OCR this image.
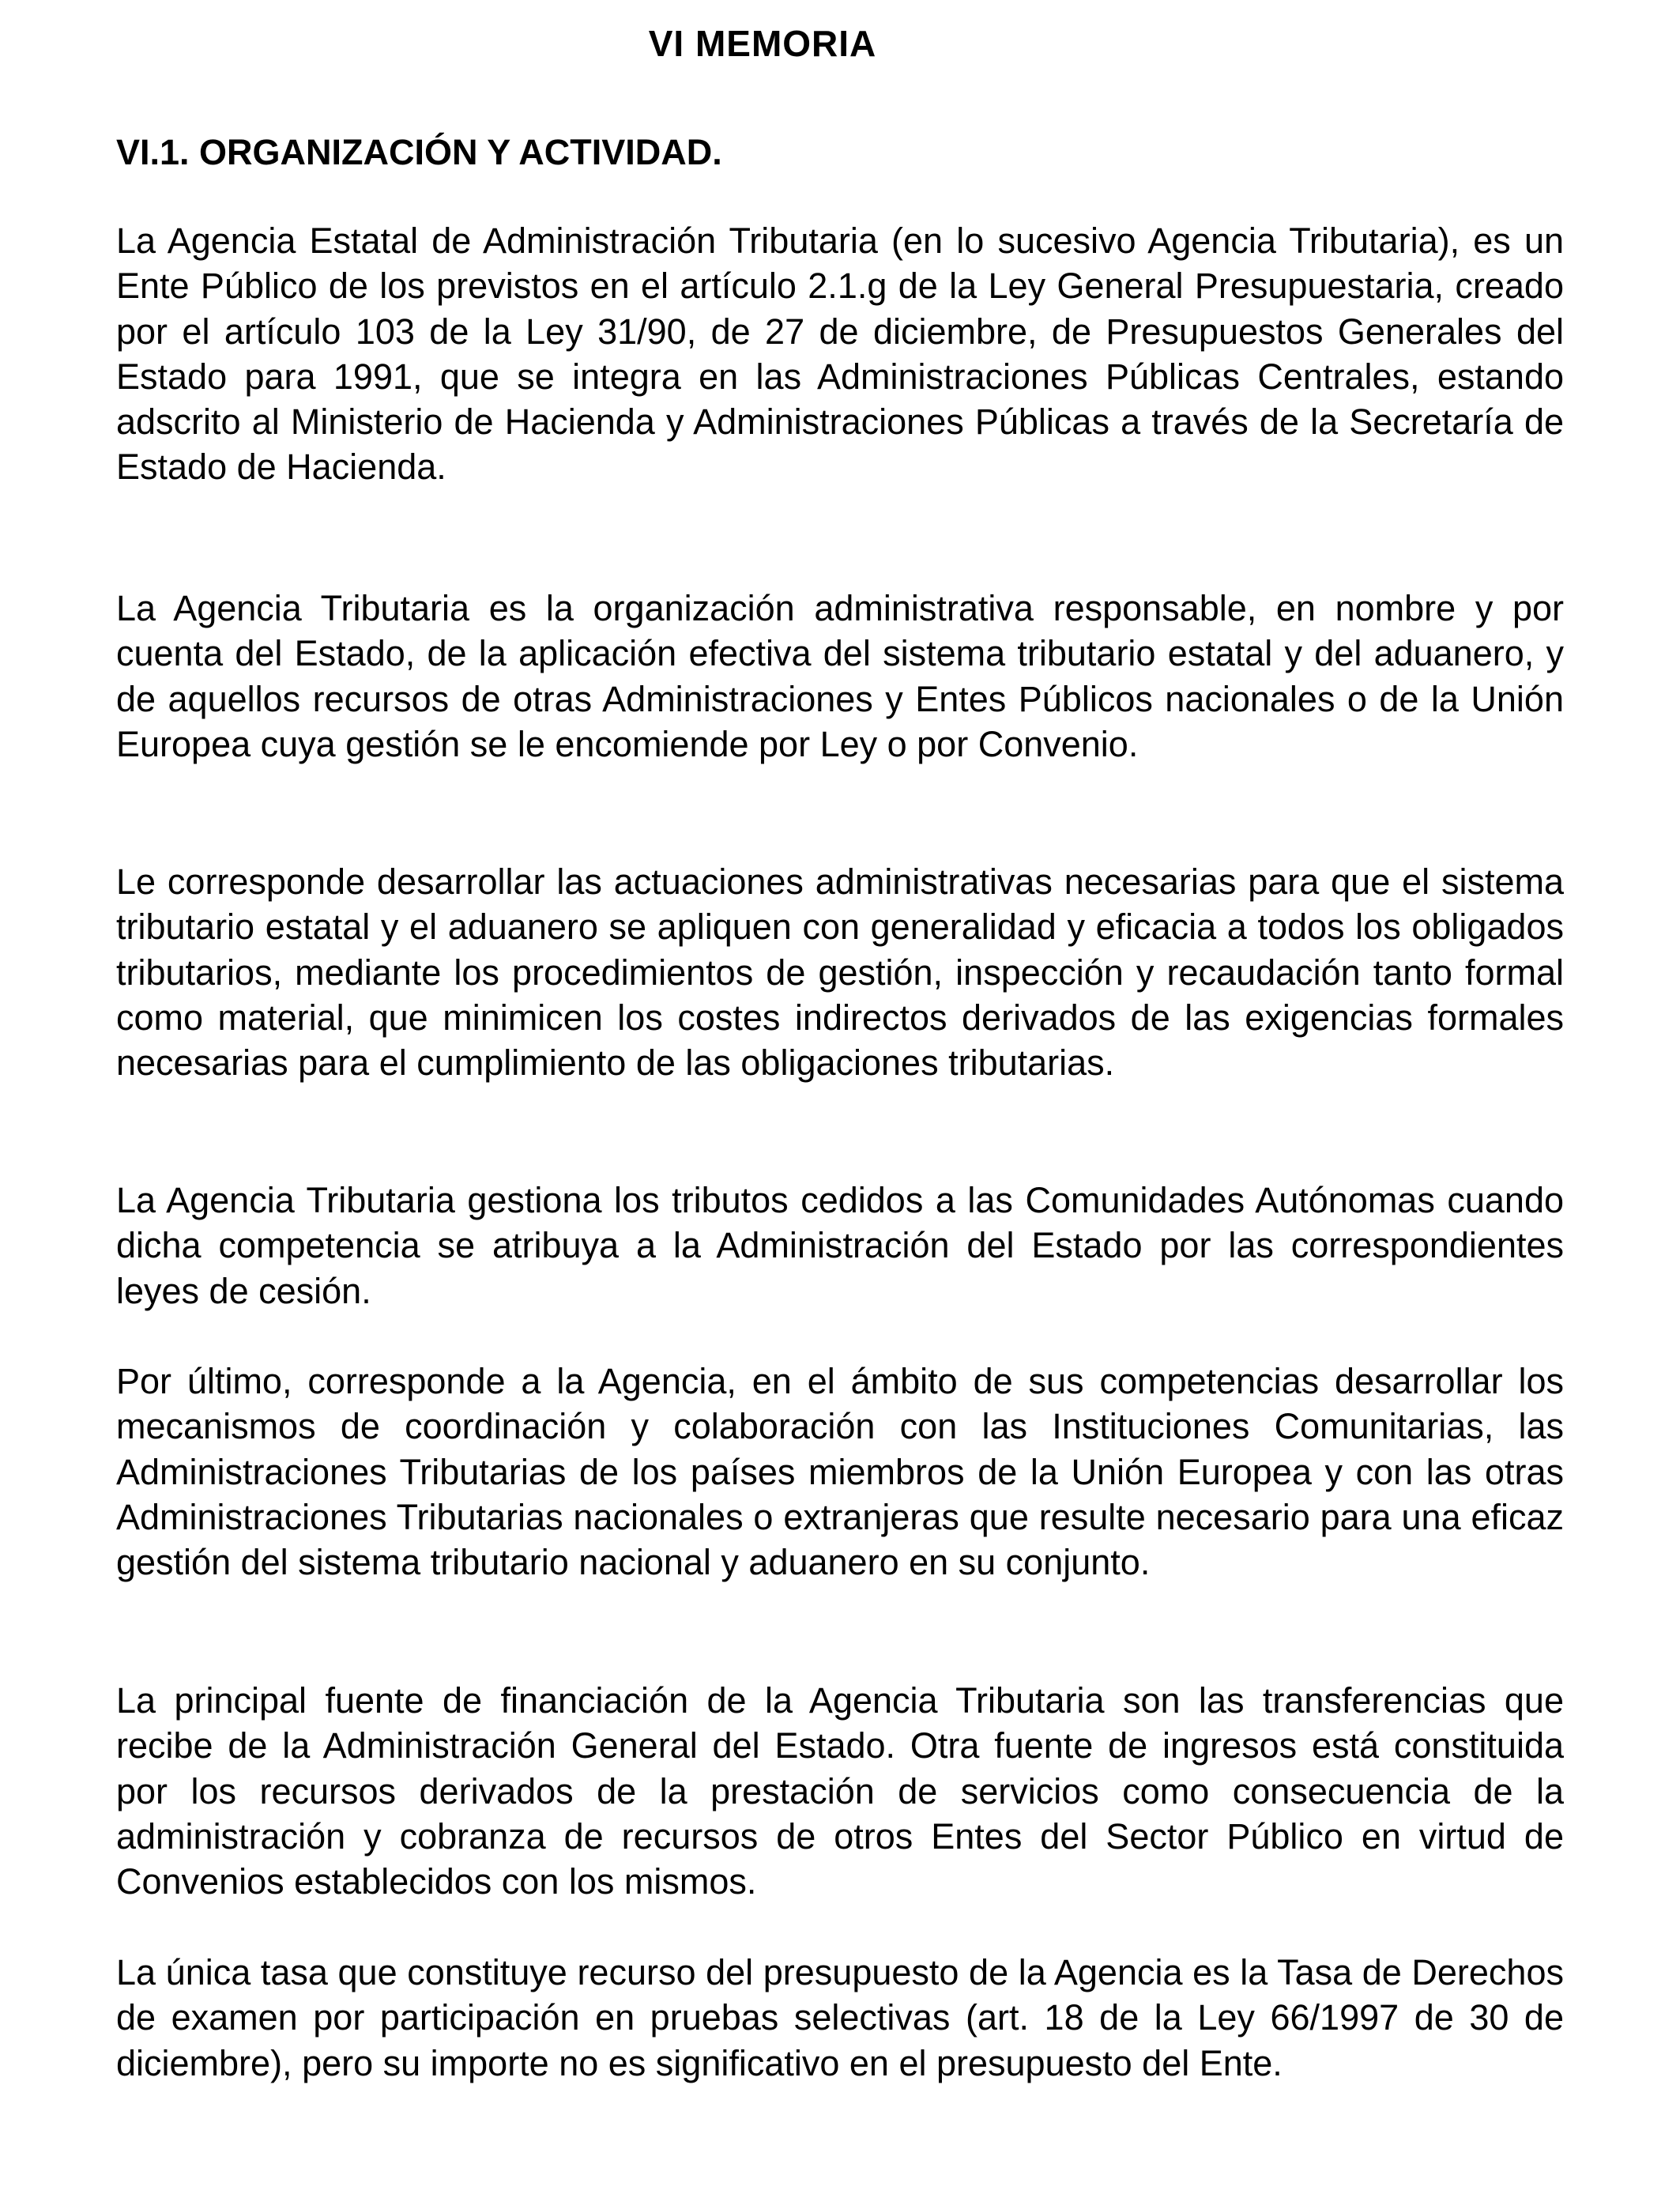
VI MEMORIA
VI.1. ORGANIZACIÓN Y ACTIVIDAD.

La Agencia Estatal de Administración Tributaria (en lo sucesivo Agencia Tributaria), es un Ente Público de los previstos en el artículo 2.1.g de la Ley General Presupuestaria, creado por el artículo 103 de la Ley 31/90, de 27 de diciembre, de Presupuestos Generales del Estado para 1991, que se integra en las Administraciones Públicas Centrales, estando adscrito al Ministerio de Hacienda y Administraciones Públicas a través de la Secretaría de Estado de Hacienda.

La Agencia Tributaria es la organización administrativa responsable, en nombre y por cuenta del Estado, de la aplicación efectiva del sistema tributario estatal y del aduanero, y de aquellos recursos de otras Administraciones y Entes Públicos nacionales o de la Unión Europea cuya gestión se le encomiende por Ley o por Convenio.

Le corresponde desarrollar las actuaciones administrativas necesarias para que el sistema tributario estatal y el aduanero se apliquen con generalidad y eficacia a todos los obligados tributarios, mediante los procedimientos de gestión, inspección y recaudación tanto formal como material, que minimicen los costes indirectos derivados de las exigencias formales necesarias para el cumplimiento de las obligaciones tributarias.

La Agencia Tributaria gestiona los tributos cedidos a las Comunidades Autónomas cuando dicha competencia se atribuya a la Administración del Estado por las correspondientes leyes de cesión.

Por último, corresponde a la Agencia, en el ámbito de sus competencias desarrollar los mecanismos de coordinación y colaboración con las Instituciones Comunitarias, las Administraciones Tributarias de los países miembros de la Unión Europea y con las otras Administraciones Tributarias nacionales o extranjeras que resulte necesario para una eficaz gestión del sistema tributario nacional y aduanero en su conjunto.

La principal fuente de financiación de la Agencia Tributaria son las transferencias que recibe de la Administración General del Estado. Otra fuente de ingresos está constituida por los recursos derivados de la prestación de servicios como consecuencia de la administración y cobranza de recursos de otros Entes del Sector Público en virtud de Convenios establecidos con los mismos.

La única tasa que constituye recurso del presupuesto de la Agencia es la Tasa de Derechos de examen por participación en pruebas selectivas (art. 18 de la Ley 66/1997 de 30 de diciembre), pero su importe no es significativo en el presupuesto del Ente.
